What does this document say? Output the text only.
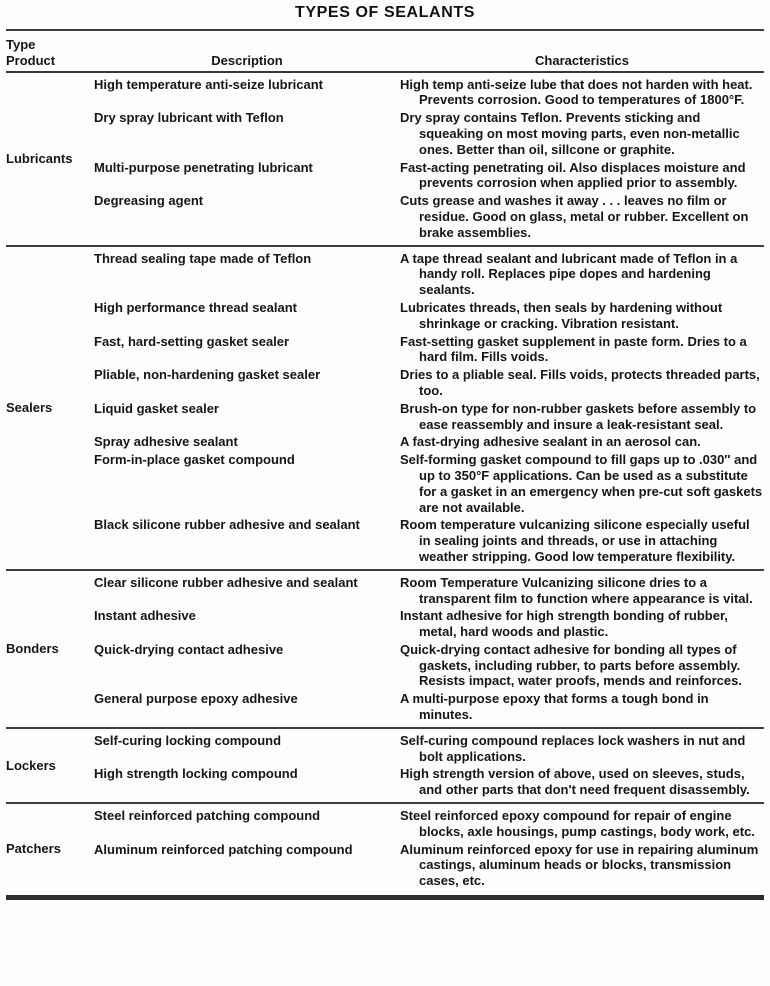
TYPES OF SEALANTS
Type
Product	Description	Characteristics
Lubricants
High temperature anti-seize lubricant	High temp anti-seize lube that does not harden with heat. Prevents corrosion. Good to temperatures of 1800°F.
Dry spray lubricant with Teflon	Dry spray contains Teflon. Prevents sticking and squeaking on most moving parts, even non-metallic ones. Better than oil, sillcone or graphite.
Multi-purpose penetrating lubricant	Fast-acting penetrating oil. Also displaces moisture and prevents corrosion when applied prior to assembly.
Degreasing agent	Cuts grease and washes it away . . . leaves no film or residue. Good on glass, metal or rubber. Excellent on brake assemblies.
Sealers
Thread sealing tape made of Teflon	A tape thread sealant and lubricant made of Teflon in a handy roll. Replaces pipe dopes and hardening sealants.
High performance thread sealant	Lubricates threads, then seals by hardening without shrinkage or cracking. Vibration resistant.
Fast, hard-setting gasket sealer	Fast-setting gasket supplement in paste form. Dries to a hard film. Fills voids.
Pliable, non-hardening gasket sealer	Dries to a pliable seal. Fills voids, protects threaded parts, too.
Liquid gasket sealer	Brush-on type for non-rubber gaskets before assembly to ease reassembly and insure a leak-resistant seal.
Spray adhesive sealant	A fast-drying adhesive sealant in an aerosol can.
Form-in-place gasket compound	Self-forming gasket compound to fill gaps up to .030″ and up to 350°F applications. Can be used as a substitute for a gasket in an emergency when pre-cut soft gaskets are not available.
Black silicone rubber adhesive and sealant	Room temperature vulcanizing silicone especially useful in sealing joints and threads, or use in attaching weather stripping. Good low temperature flexibility.
Bonders
Clear silicone rubber adhesive and sealant	Room Temperature Vulcanizing silicone dries to a transparent film to function where appearance is vital.
Instant adhesive	Instant adhesive for high strength bonding of rubber, metal, hard woods and plastic.
Quick-drying contact adhesive	Quick-drying contact adhesive for bonding all types of gaskets, including rubber, to parts before assembly. Resists impact, water proofs, mends and reinforces.
General purpose epoxy adhesive	A multi-purpose epoxy that forms a tough bond in minutes.
Lockers
Self-curing locking compound	Self-curing compound replaces lock washers in nut and bolt applications.
High strength locking compound	High strength version of above, used on sleeves, studs, and other parts that don't need frequent disassembly.
Patchers
Steel reinforced patching compound	Steel reinforced epoxy compound for repair of engine blocks, axle housings, pump castings, body work, etc.
Aluminum reinforced patching compound	Aluminum reinforced epoxy for use in repairing aluminum castings, aluminum heads or blocks, transmission cases, etc.
